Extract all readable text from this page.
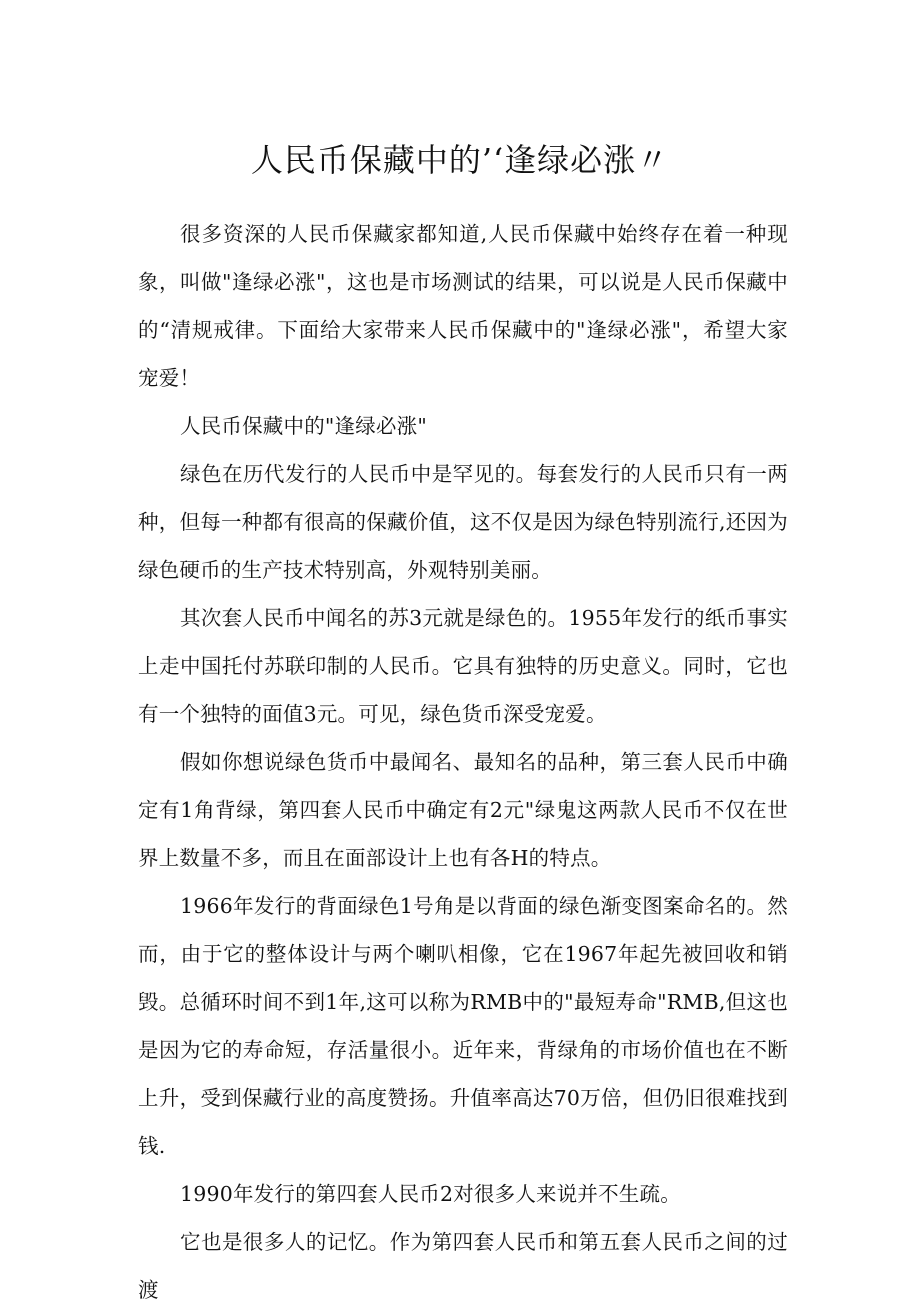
人民币保藏中的’‘逢绿必涨〃

很多资深的人民币保藏家都知道,人民币保藏中始终存在着一种现象，叫做"逢绿必涨"，这也是市场测试的结果，可以说是人民币保藏中的“清规戒律。下面给大家带来人民币保藏中的"逢绿必涨"，希望大家宠爱！

人民币保藏中的"逢绿必涨"

绿色在历代发行的人民币中是罕见的。每套发行的人民币只有一两种，但每一种都有很高的保藏价值，这不仅是因为绿色特别流行,还因为绿色硬币的生产技术特别高，外观特别美丽。

其次套人民币中闻名的苏3元就是绿色的。1955年发行的纸币事实上走中国托付苏联印制的人民币。它具有独特的历史意义。同时，它也有一个独特的面值3元。可见，绿色货币深受宠爱。

假如你想说绿色货币中最闻名、最知名的品种，第三套人民币中确定有1角背绿，第四套人民币中确定有2元"绿鬼这两款人民币不仅在世界上数量不多，而且在面部设计上也有各H的特点。

1966年发行的背面绿色1号角是以背面的绿色渐变图案命名的。然而，由于它的整体设计与两个喇叭相像，它在1967年起先被回收和销毁。总循环时间不到1年,这可以称为RMB中的"最短寿命"RMB,但这也是因为它的寿命短，存活量很小。近年来，背绿角的市场价值也在不断上升，受到保藏行业的高度赞扬。升值率高达70万倍，但仍旧很难找到钱.

1990年发行的第四套人民币2对很多人来说并不生疏。

它也是很多人的记忆。作为第四套人民币和第五套人民币之间的过渡
